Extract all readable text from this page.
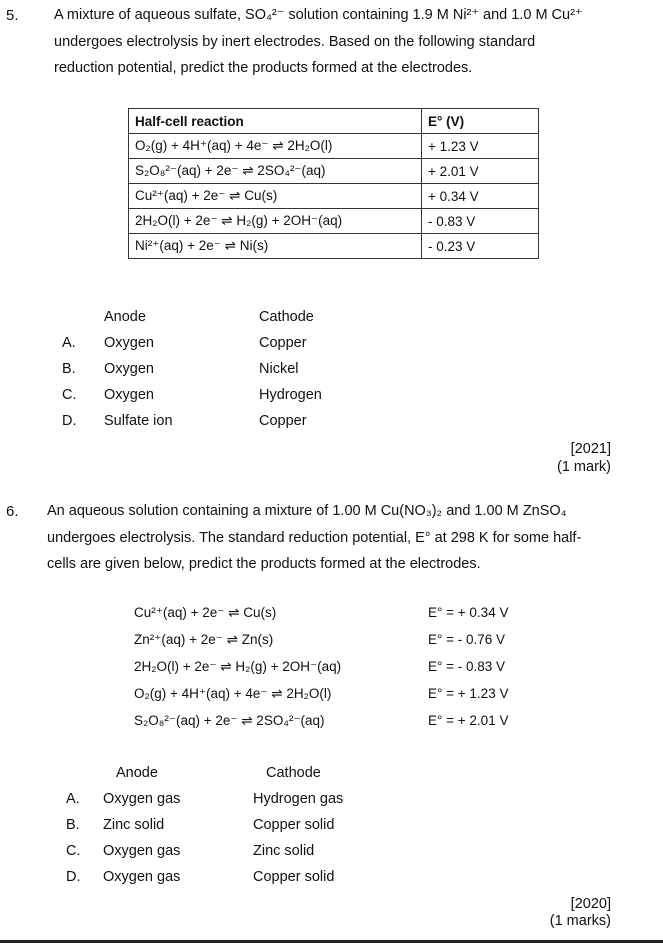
5. A mixture of aqueous sulfate, SO₄²⁻ solution containing 1.9 M Ni²⁺ and 1.0 M Cu²⁺
undergoes electrolysis by inert electrodes. Based on the following standard
reduction potential, predict the products formed at the electrodes.
Half-cell reaction	E° (V)
O₂(g) + 4H⁺(aq) + 4e⁻ ⇌ 2H₂O(l)	+ 1.23 V
S₂O₈²⁻(aq) + 2e⁻ ⇌ 2SO₄²⁻(aq)	+ 2.01 V
Cu²⁺(aq) + 2e⁻ ⇌ Cu(s)	+ 0.34 V
2H₂O(l) + 2e⁻ ⇌ H₂(g) + 2OH⁻(aq)	- 0.83 V
Ni²⁺(aq) + 2e⁻ ⇌ Ni(s)	- 0.23 V
Anode	Cathode
A. Oxygen	Copper
B. Oxygen	Nickel
C. Oxygen	Hydrogen
D. Sulfate ion	Copper
[2021]
(1 mark)
6. An aqueous solution containing a mixture of 1.00 M Cu(NO₃)₂ and 1.00 M ZnSO₄
undergoes electrolysis. The standard reduction potential, E° at 298 K for some half-
cells are given below, predict the products formed at the electrodes.
Cu²⁺(aq) + 2e⁻ ⇌ Cu(s)	E° = + 0.34 V
Zn²⁺(aq) + 2e⁻ ⇌ Zn(s)	E° = - 0.76 V
2H₂O(l) + 2e⁻ ⇌ H₂(g) + 2OH⁻(aq)	E° = - 0.83 V
O₂(g) + 4H⁺(aq) + 4e⁻ ⇌ 2H₂O(l)	E° = + 1.23 V
S₂O₈²⁻(aq) + 2e⁻ ⇌ 2SO₄²⁻(aq)	E° = + 2.01 V
Anode	Cathode
A. Oxygen gas	Hydrogen gas
B. Zinc solid	Copper solid
C. Oxygen gas	Zinc solid
D. Oxygen gas	Copper solid
[2020]
(1 marks)
